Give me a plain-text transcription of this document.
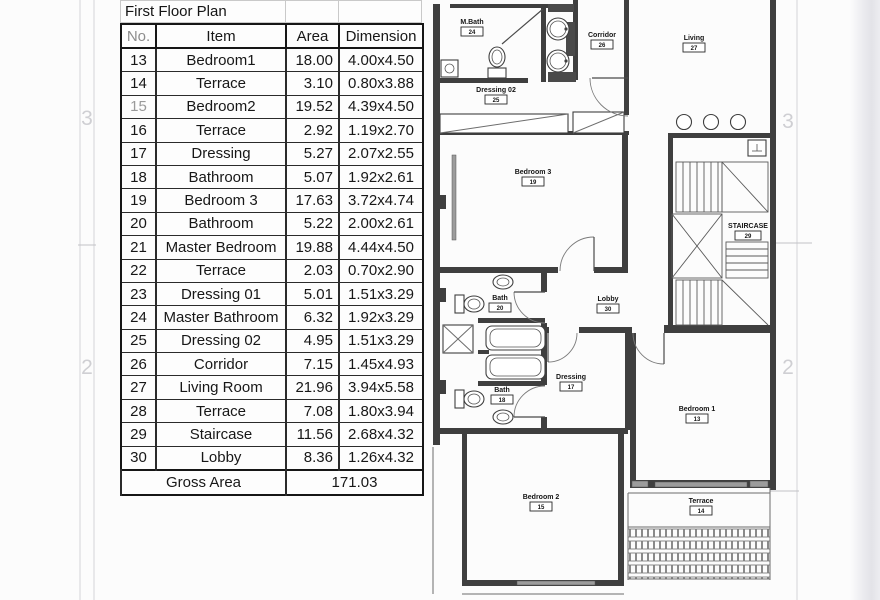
3
2
3
2
M.Bath
24
Dressing 02
25
Corridor
26
Living
27
Bedroom 3
19
STAIRCASE
29
Bath
20
Lobby
30
Dressing
17
Bath
18
Bedroom 1
13
Terrace
14
Bedroom 2
15
First Floor Plan
No.	Item	Area	Dimension
13	Bedroom1	18.00	4.00x4.50
14	Terrace	3.10	0.80x3.88
15	Bedroom2	19.52	4.39x4.50
16	Terrace	2.92	1.19x2.70
17	Dressing	5.27	2.07x2.55
18	Bathroom	5.07	1.92x2.61
19	Bedroom 3	17.63	3.72x4.74
20	Bathroom	5.22	2.00x2.61
21	Master Bedroom	19.88	4.44x4.50
22	Terrace	2.03	0.70x2.90
23	Dressing 01	5.01	1.51x3.29
24	Master Bathroom	6.32	1.92x3.29
25	Dressing 02	4.95	1.51x3.29
26	Corridor	7.15	1.45x4.93
27	Living Room	21.96	3.94x5.58
28	Terrace	7.08	1.80x3.94
29	Staircase	11.56	2.68x4.32
30	Lobby	8.36	1.26x4.32
Gross Area		171.03	
